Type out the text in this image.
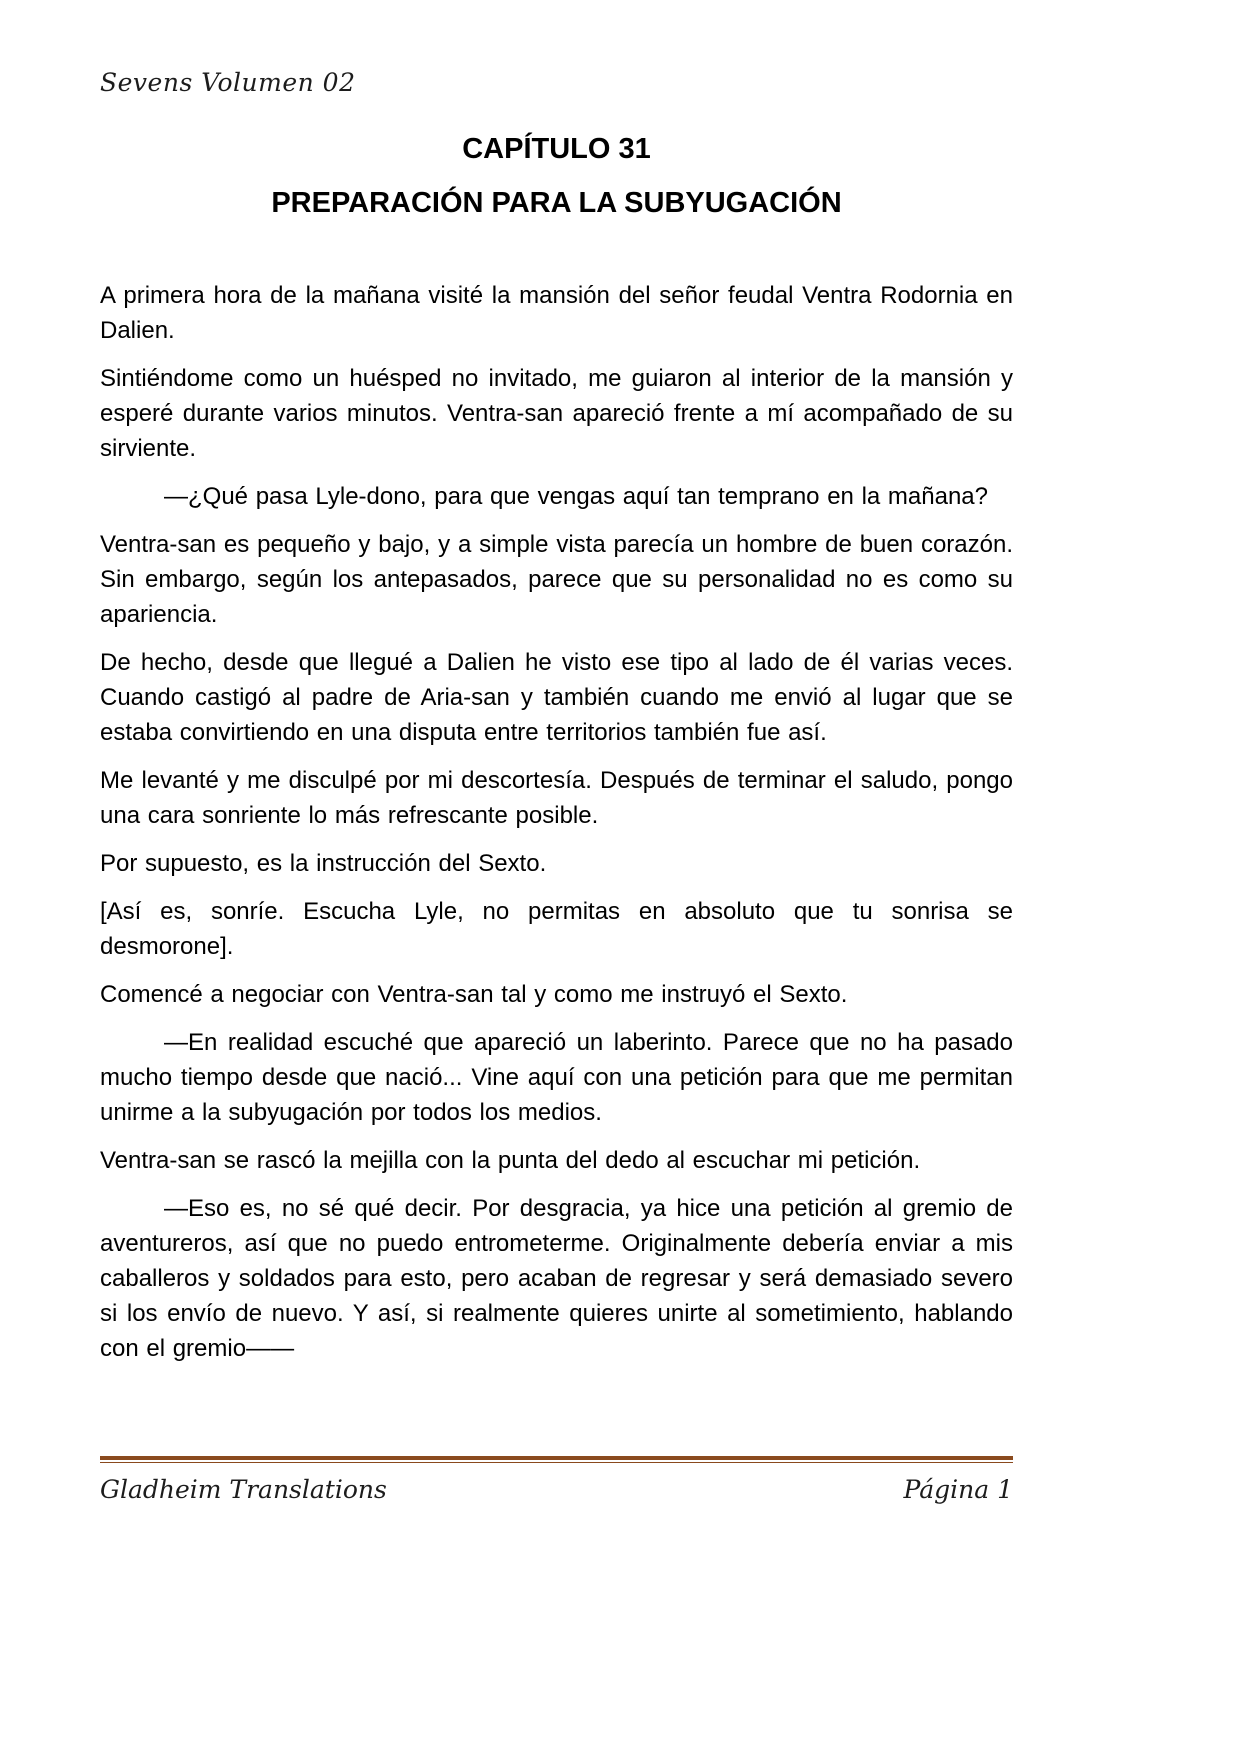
Sevens Volumen 02
CAPÍTULO 31
PREPARACIÓN PARA LA SUBYUGACIÓN

A primera hora de la mañana visité la mansión del señor feudal Ventra Rodornia en Dalien.

Sintiéndome como un huésped no invitado, me guiaron al interior de la mansión y esperé durante varios minutos. Ventra-san apareció frente a mí acompañado de su sirviente.

—¿Qué pasa Lyle-dono, para que vengas aquí tan temprano en la mañana?

Ventra-san es pequeño y bajo, y a simple vista parecía un hombre de buen corazón. Sin embargo, según los antepasados, parece que su personalidad no es como su apariencia.

De hecho, desde que llegué a Dalien he visto ese tipo al lado de él varias veces. Cuando castigó al padre de Aria-san y también cuando me envió al lugar que se estaba convirtiendo en una disputa entre territorios también fue así.

Me levanté y me disculpé por mi descortesía. Después de terminar el saludo, pongo una cara sonriente lo más refrescante posible.

Por supuesto, es la instrucción del Sexto.

[Así es, sonríe. Escucha Lyle, no permitas en absoluto que tu sonrisa se desmorone].

Comencé a negociar con Ventra-san tal y como me instruyó el Sexto.

—En realidad escuché que apareció un laberinto. Parece que no ha pasado mucho tiempo desde que nació... Vine aquí con una petición para que me permitan unirme a la subyugación por todos los medios.

Ventra-san se rascó la mejilla con la punta del dedo al escuchar mi petición.

—Eso es, no sé qué decir. Por desgracia, ya hice una petición al gremio de aventureros, así que no puedo entrometerme. Originalmente debería enviar a mis caballeros y soldados para esto, pero acaban de regresar y será demasiado severo si los envío de nuevo. Y así, si realmente quieres unirte al sometimiento, hablando con el gremio——

Gladheim Translations	Página 1
